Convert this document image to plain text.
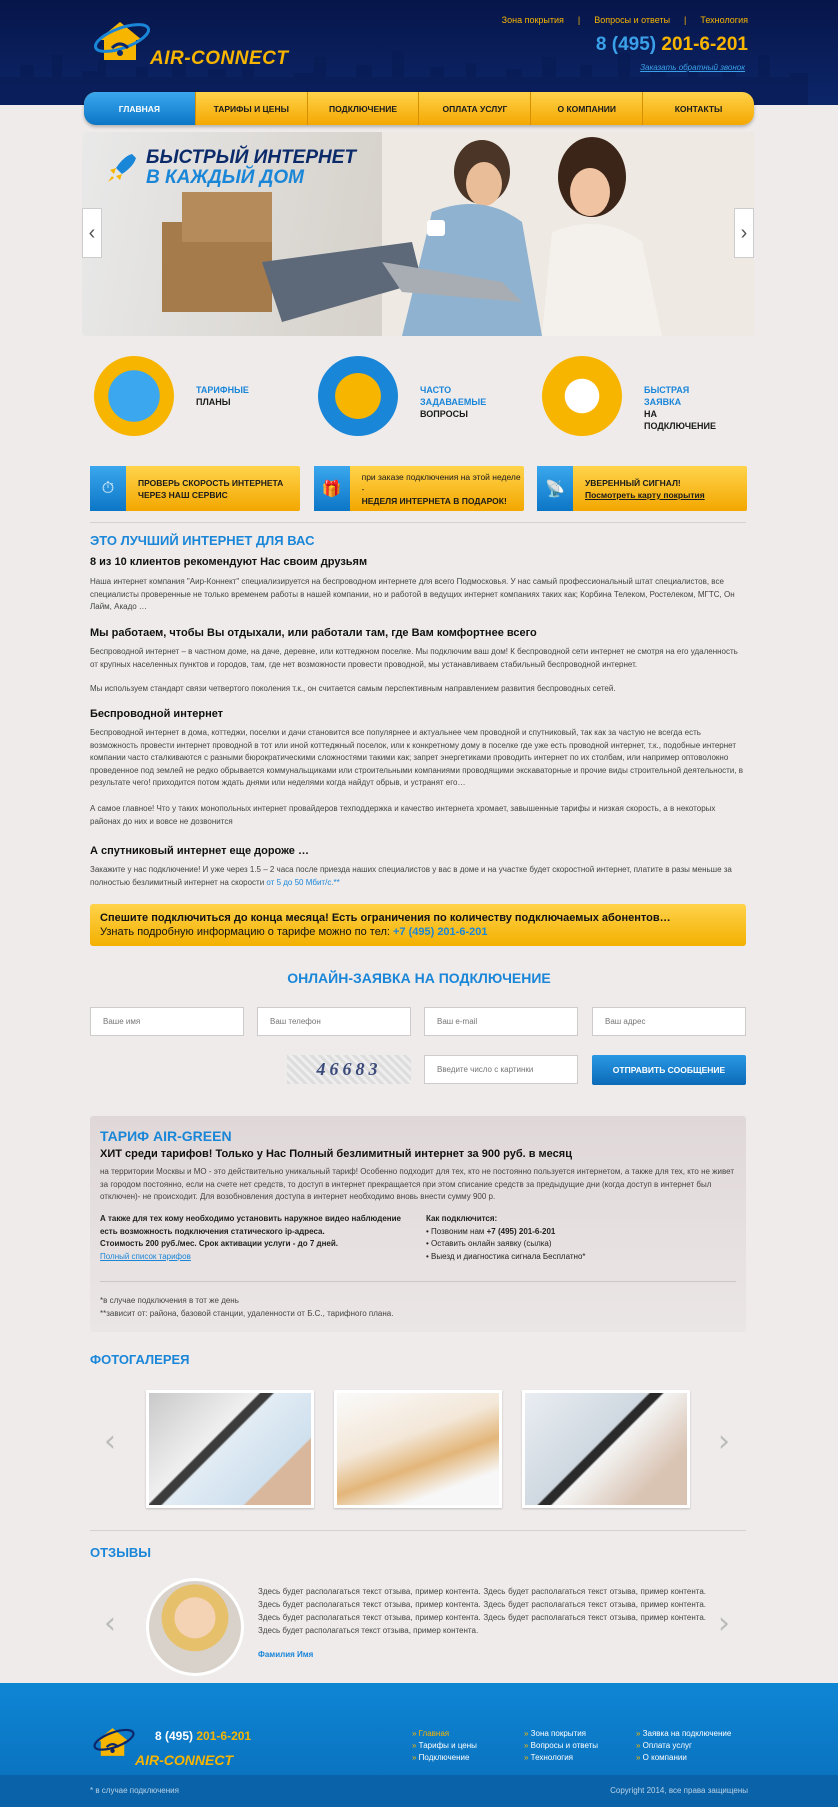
AIR-CONNECT
Зона покрытия | Вопросы и ответы | Технология
8 (495) 201-6-201
Заказать обратный звонок
ГЛАВНАЯ	ТАРИФЫ И ЦЕНЫ	ПОДКЛЮЧЕНИЕ	ОПЛАТА УСЛУГ	О КОМПАНИИ	КОНТАКТЫ
БЫСТРЫЙ ИНТЕРНЕТ
В КАЖДЫЙ ДОМ
‹	›
ТАРИФНЫЕ
ПЛАНЫ
ЧАСТО ЗАДАВАЕМЫЕ
ВОПРОСЫ
БЫСТРАЯ ЗАЯВКА
НА ПОДКЛЮЧЕНИЕ
⏱	ПРОВЕРЬ СКОРОСТЬ ИНТЕРНЕТА
ЧЕРЕЗ НАШ СЕРВИС	🎁
при заказе подключения на этой неделе -
НЕДЕЛЯ ИНТЕРНЕТА В ПОДАРОК!
📡	УВЕРЕННЫЙ СИГНАЛ!
Посмотреть карту покрытия
ЭТО ЛУЧШИЙ ИНТЕРНЕТ ДЛЯ ВАС
8 из 10 клиентов рекомендуют Нас своим друзьям
Наша интернет компания "Аир-Коннект" специализируется на беспроводном интернете для всего Подмосковья. У нас самый профессиональный штат специалистов, все специалисты проверенные не только временем работы в нашей компании, но и работой в ведущих интернет компаниях таких как; Корбина Телеком, Ростелеком, МГТС, Он Лайм, Акадо …
Мы работаем, чтобы Вы отдыхали, или работали там, где Вам комфортнее всего
Беспроводной интернет – в частном доме, на даче, деревне, или коттеджном поселке. Мы подключим ваш дом! К беспроводной сети интернет не смотря на его удаленность от крупных населенных пунктов и городов, там, где нет возможности провести проводной, мы устанавливаем стабильный беспроводной интернет.
Мы используем стандарт связи четвертого поколения т.к., он считается самым перспективным направлением развития беспроводных сетей.
Беспроводной интернет
Беспроводной интернет в дома, коттеджи, поселки и дачи становится все популярнее и актуальнее чем проводной и спутниковый, так как за частую не всегда есть возможность провести интернет проводной в тот или иной коттеджный поселок, или к конкретному дому в поселке где уже есть проводной интернет, т.к., подобные интернет компании часто сталкиваются с разными бюрократическими сложностями такими как; запрет энергетиками проводить интернет по их столбам, или например оптоволокно проведенное под землей не редко обрывается коммунальщиками или строительными компаниями проводящими экскаваторные и прочие виды строительной деятельности, в результате чего! приходится потом ждать днями или неделями когда найдут обрыв, и устранят его…
А самое главное! Что у таких монопольных интернет провайдеров техподдержка и качество интернета хромает, завышенные тарифы и низкая скорость, а в некоторых районах до них и вовсе не дозвонится
А спутниковый интернет еще дороже …
Закажите у нас подключение! И уже через 1.5 – 2 часа после приезда наших специалистов у вас в доме и на участке будет скоростной интернет, платите в разы меньше за полностью безлимитный интернет на скорости от 5 до 50 Мбит/с.**
Спешите подключиться до конца месяца! Есть ограничения по количеству подключаемых абонентов…
Узнать подробную информацию о тарифе можно по тел: +7 (495) 201-6-201
ОНЛАЙН-ЗАЯВКА НА ПОДКЛЮЧЕНИЕ
Ваше имя
Ваш телефон
Ваш e-mail
Ваш адрес
46683
Введите число с картинки	ОТПРАВИТЬ СООБЩЕНИЕ
ТАРИФ AIR-GREEN
ХИТ среди тарифов! Только у Нас Полный безлимитный интернет за 900 руб. в месяц
на территории Москвы и МО - это действительно уникальный тариф! Особенно подходит для тех, кто не постоянно пользуется интернетом, а также для тех, кто не живет за городом постоянно, если на счете нет средств, то доступ в интернет прекращается при этом списание средств за предыдущие дни (когда доступ в интернет был отключен)- не происходит. Для возобновления доступа в интернет необходимо вновь внести сумму 900 р.
А также для тех кому необходимо установить наружное видео наблюдение
есть возможность подключения статического ip-адреса.
Стоимость 200 руб./мес. Срок активации услуги - до 7 дней.
Полный список тарифов
Как подключится:
• Позвоним нам +7 (495) 201-6-201
• Оставить онлайн заявку (сылка)
• Выезд и диагностика сигнала Бесплатно*
*в случае подключения в тот же день
**зависит от: района, базовой станции, удаленности от Б.С., тарифного плана.
ФОТОГАЛЕРЕЯ
‹	›
ОТЗЫВЫ
‹	›
Здесь будет располагаться текст отзыва, пример контента. Здесь будет располагаться текст отзыва, пример контента. Здесь будет располагаться текст отзыва, пример контента. Здесь будет располагаться текст отзыва, пример контента. Здесь будет располагаться текст отзыва, пример контента. Здесь будет располагаться текст отзыва, пример контента. Здесь будет располагаться текст отзыва, пример контента.
Фамилия Имя
8 (495) 201-6-201
AIR-CONNECT
» Главная
» Тарифы и цены
» Подключение
» Зона покрытия
» Вопросы и ответы
» Технология
» Заявка на подключение
» Оплата услуг
» О компании
* в случае подключения	Copyright 2014, все права защищены
